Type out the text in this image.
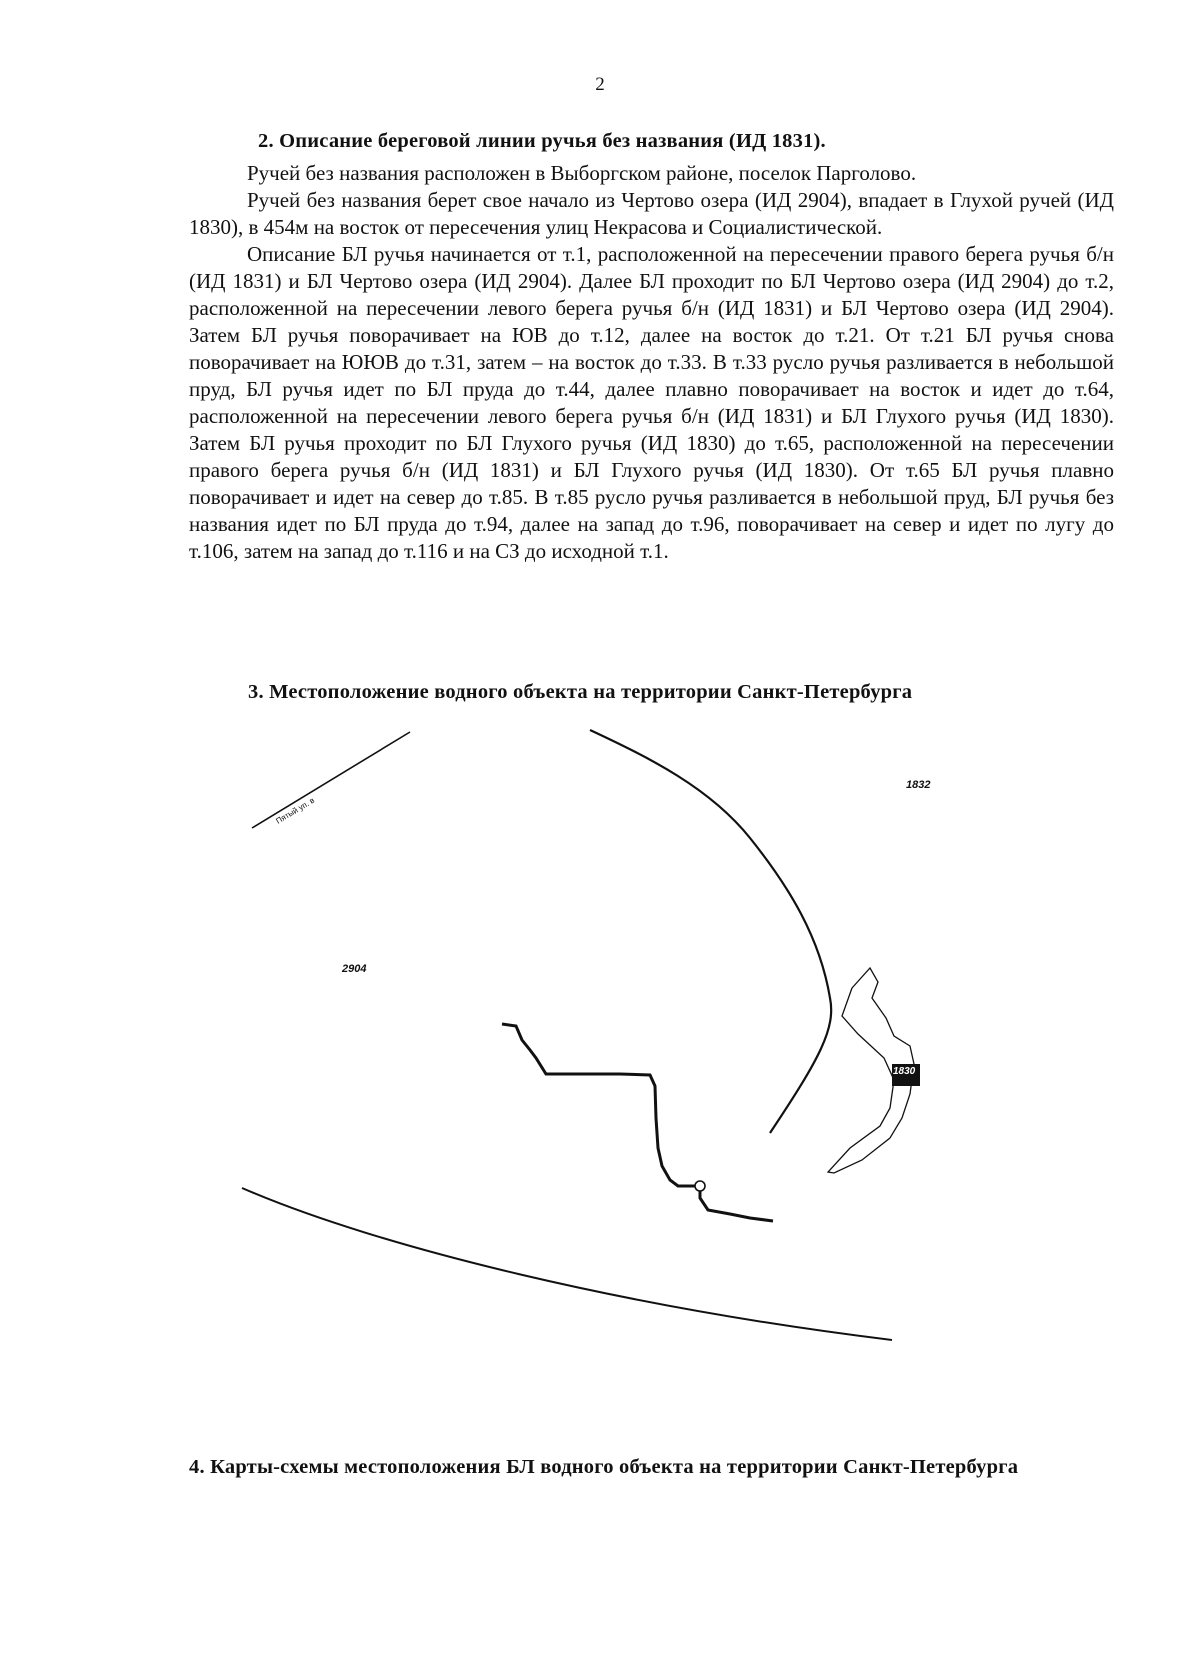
2
2. Описание береговой линии ручья без названия (ИД 1831).

Ручей без названия расположен в Выборгском районе, поселок Парголово.

Ручей без названия берет свое начало из Чертово озера (ИД 2904), впадает в Глухой ручей (ИД 1830), в 454м на восток от пересечения улиц Некрасова и Социалистической.

Описание БЛ ручья начинается от т.1, расположенной на пересечении правого берега ручья б/н (ИД 1831) и БЛ Чертово озера (ИД 2904). Далее БЛ проходит по БЛ Чертово озера (ИД 2904) до т.2, расположенной на пересечении левого берега ручья б/н (ИД 1831) и БЛ Чертово озера (ИД 2904). Затем БЛ ручья поворачивает на ЮВ до т.12, далее на восток до т.21. От т.21 БЛ ручья снова поворачивает на ЮЮВ до т.31, затем – на восток до т.33. В т.33 русло ручья разливается в небольшой пруд, БЛ ручья идет по БЛ пруда до т.44, далее плавно поворачивает на восток и идет до т.64, расположенной на пересечении левого берега ручья б/н (ИД 1831) и БЛ Глухого ручья (ИД 1830). Затем БЛ ручья проходит по БЛ Глухого ручья (ИД 1830) до т.65, расположенной на пересечении правого берега ручья б/н (ИД 1831) и БЛ Глухого ручья (ИД 1830). От т.65 БЛ ручья плавно поворачивает и идет на север до т.85. В т.85 русло ручья разливается в небольшой пруд, БЛ ручья без названия идет по БЛ пруда до т.94, далее на запад до т.96, поворачивает на север и идет по лугу до т.106, затем на запад до т.116 и на СЗ до исходной т.1.

3. Местоположение водного объекта на территории Санкт-Петербурга
Пятый уп. в
1830
1832
2904
4. Карты-схемы местоположения БЛ водного объекта на территории Санкт-Петербурга
